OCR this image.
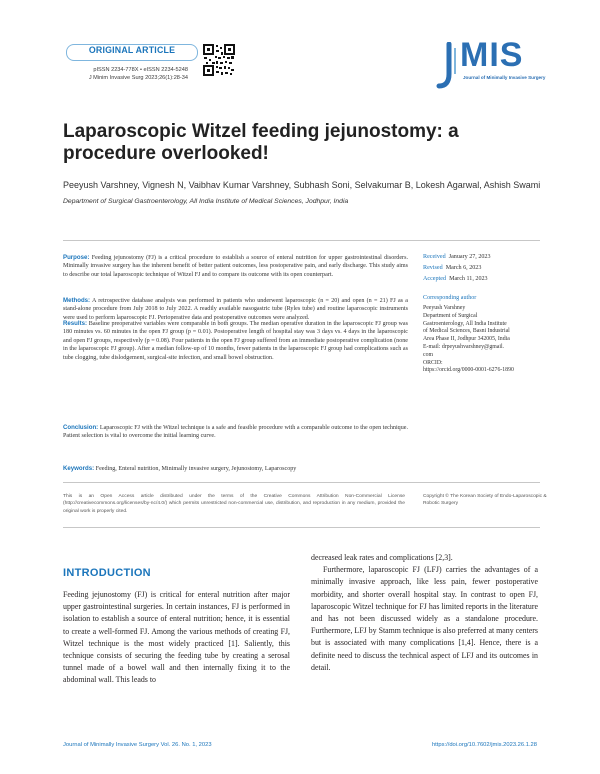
ORIGINAL ARTICLE
pISSN 2234-778X • eISSN 2234-5248
J Minim Invasive Surg 2023;26(1):28-34
MIS
Journal of Minimally Invasive Surgery
Laparoscopic Witzel feeding jejunostomy: a procedure overlooked!
Peeyush Varshney, Vignesh N, Vaibhav Kumar Varshney, Subhash Soni, Selvakumar B, Lokesh Agarwal, Ashish Swami
Department of Surgical Gastroenterology, All India Institute of Medical Sciences, Jodhpur, India
Purpose: Feeding jejunostomy (FJ) is a critical procedure to establish a source of enteral nutrition for upper gastrointestinal disorders. Minimally invasive surgery has the inherent benefit of better patient outcomes, less postoperative pain, and early discharge. This study aims to describe our total laparoscopic technique of Witzel FJ and to compare its outcome with its open counterpart.
Methods: A retrospective database analysis was performed in patients who underwent laparoscopic (n = 20) and open (n = 21) FJ as a stand-alone procedure from July 2018 to July 2022. A readily available nasogastric tube (Ryles tube) and routine laparoscopic instruments were used to perform laparoscopic FJ. Perioperative data and postoperative outcomes were analyzed.
Results: Baseline preoperative variables were comparable in both groups. The median operative duration in the laparoscopic FJ group was 180 minutes vs. 60 minutes in the open FJ group (p = 0.01). Postoperative length of hospital stay was 3 days vs. 4 days in the laparoscopic and open FJ groups, respectively (p = 0.08). Four patients in the open FJ group suffered from an immediate postoperative complication (none in the laparoscopic FJ group). After a median follow-up of 10 months, fewer patients in the laparoscopic FJ group had complications such as tube clogging, tube dislodgement, surgical-site infection, and small bowel obstruction.
Conclusion: Laparoscopic FJ with the Witzel technique is a safe and feasible procedure with a comparable outcome to the open technique. Patient selection is vital to overcome the initial learning curve.
Received January 27, 2023
Revised March 6, 2023
Accepted March 11, 2023
Corresponding author
Peeyush Varshney
Department of Surgical
Gastroenterology, All India Institute
of Medical Sciences, Basni Industrial
Area Phase II, Jodhpur 342005, India
E-mail: drpeyushvarshney@gmail.
com
ORCID:
https://orcid.org/0000-0001-6276-1890
Keywords: Feeding, Enteral nutrition, Minimally invasive surgery, Jejunostomy, Laparoscopy
This is an Open Access article distributed under the terms of the Creative Commons Attribution Non-Commercial License (http://creativecommons.org/licenses/by-nc/4.0/) which permits unrestricted non-commercial use, distribution, and reproduction in any medium, provided the original work is properly cited.
Copyright © The Korean Society of Endo-Laparoscopic & Robotic Surgery
INTRODUCTION
Feeding jejunostomy (FJ) is critical for enteral nutrition after major upper gastrointestinal surgeries. In certain instances, FJ is performed in isolation to establish a source of enteral nutrition; hence, it is essential to create a well-formed FJ. Among the various methods of creating FJ, Witzel technique is the most widely practiced [1]. Saliently, this technique consists of securing the feeding tube by creating a serosal tunnel made of a bowel wall and then internally fixing it to the abdominal wall. This leads to
decreased leak rates and complications [2,3].
Furthermore, laparoscopic FJ (LFJ) carries the advantages of a minimally invasive approach, like less pain, fewer postoperative morbidity, and shorter overall hospital stay. In contrast to open FJ, laparoscopic Witzel technique for FJ has limited reports in the literature and has not been discussed widely as a standalone procedure. Furthermore, LFJ by Stamm technique is also preferred at many centers but is associated with many complications [1,4]. Hence, there is a definite need to discuss the technical aspect of LFJ and its outcomes in detail.
Journal of Minimally Invasive Surgery Vol. 26. No. 1, 2023	https://doi.org/10.7602/jmis.2023.26.1.28
